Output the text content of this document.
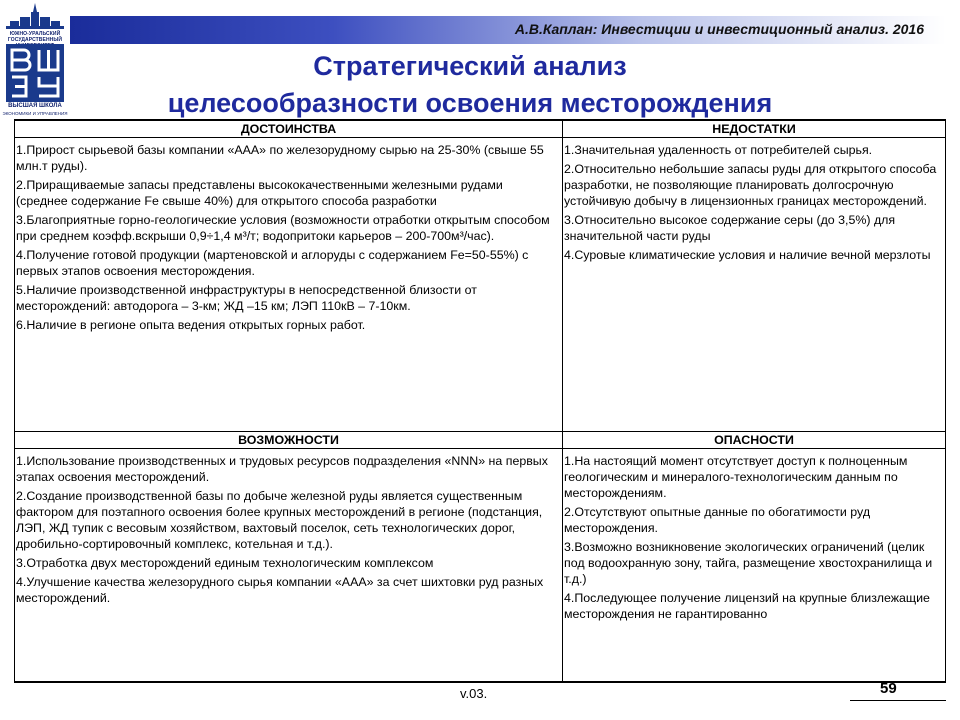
А.В.Каплан: Инвестиции и инвестиционный анализ. 2016
ЮЖНО-УРАЛЬСКИЙ ГОСУДАРСТВЕННЫЙ
ВЫСШАЯ ШКОЛА
ЭКОНОМИКИ И УПРАВЛЕНИЯ
Стратегический анализ
целесообразности освоения месторождения
ДОСТОИНСТВА

1.Прирост сырьевой базы компании «ААА» по железорудному сырью на 25-30% (свыше 55 млн.т руды).

2.Приращиваемые запасы представлены высококачественными железными рудами (среднее содержание Fe свыше 40%) для открытого способа разработки

3.Благоприятные горно-геологические условия (возможности отработки открытым способом при среднем коэфф.вскрыши 0,9÷1,4 м³/т; водопритоки карьеров – 200-700м³/час).

4.Получение готовой продукции (мартеновской и аглоруды с содержанием Fe=50-55%) с первых этапов освоения месторождения.

5.Наличие производственной инфраструктуры в непосредственной близости от месторождений: автодорога – 3-км; ЖД –15 км; ЛЭП 110кВ – 7-10км.

6.Наличие в регионе опыта ведения открытых горных работ.

НЕДОСТАТКИ

1.Значительная удаленность от потребителей сырья.

2.Относительно небольшие запасы руды для открытого способа разработки, не позволяющие планировать долгосрочную устойчивую добычу в лицензионных границах месторождений.

3.Относительно высокое содержание серы (до 3,5%) для значительной части руды

4.Суровые климатические условия и наличие вечной мерзлоты

ВОЗМОЖНОСТИ

1.Использование производственных и трудовых ресурсов подразделения «NNN» на первых этапах освоения месторождений.

2.Создание производственной базы по добыче железной руды является существенным фактором для поэтапного освоения более крупных месторождений в регионе (подстанция, ЛЭП, ЖД тупик с весовым хозяйством, вахтовый поселок, сеть технологических дорог, дробильно-сортировочный комплекс, котельная и т.д.).

3.Отработка двух месторождений единым технологическим комплексом

4.Улучшение качества железорудного сырья компании «ААА» за счет шихтовки руд разных месторождений.

ОПАСНОСТИ

1.На настоящий момент отсутствует доступ к полноценным геологическим и минералого-технологическим данным по месторождениям.

2.Отсутствуют опытные данные по обогатимости руд месторождения.

3.Возможно возникновение экологических ограничений (целик под водоохранную зону, тайга, размещение хвостохранилища и т.д.)

4.Последующее получение лицензий на крупные близлежащие месторождения не гарантированно

v.03.	59
